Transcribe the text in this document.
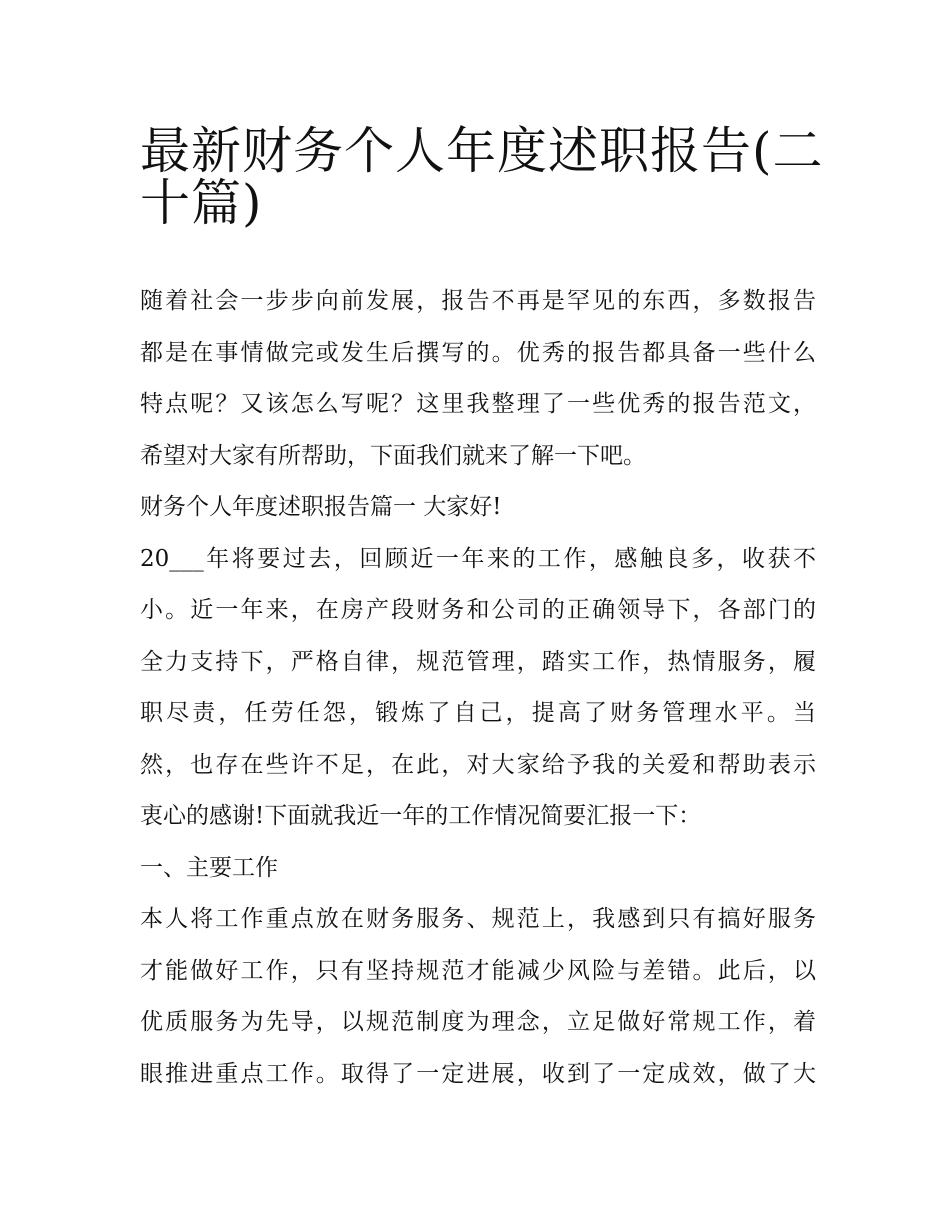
最新财务个人年度述职报告(二
十篇)
随着社会一步步向前发展，报告不再是罕见的东西，多数报告
都是在事情做完或发生后撰写的。优秀的报告都具备一些什么
特点呢？又该怎么写呢？这里我整理了一些优秀的报告范文，
希望对大家有所帮助，下面我们就来了解一下吧。
财务个人年度述职报告篇一 大家好!
20___年将要过去，回顾近一年来的工作，感触良多，收获不
小。近一年来，在房产段财务和公司的正确领导下，各部门的
全力支持下，严格自律，规范管理，踏实工作，热情服务，履
职尽责，任劳任怨，锻炼了自己，提高了财务管理水平。当
然，也存在些许不足，在此，对大家给予我的关爱和帮助表示
衷心的感谢!下面就我近一年的工作情况简要汇报一下：
一、主要工作
本人将工作重点放在财务服务、规范上，我感到只有搞好服务
才能做好工作，只有坚持规范才能减少风险与差错。此后，以
优质服务为先导，以规范制度为理念，立足做好常规工作，着
眼推进重点工作。取得了一定进展，收到了一定成效，做了大
